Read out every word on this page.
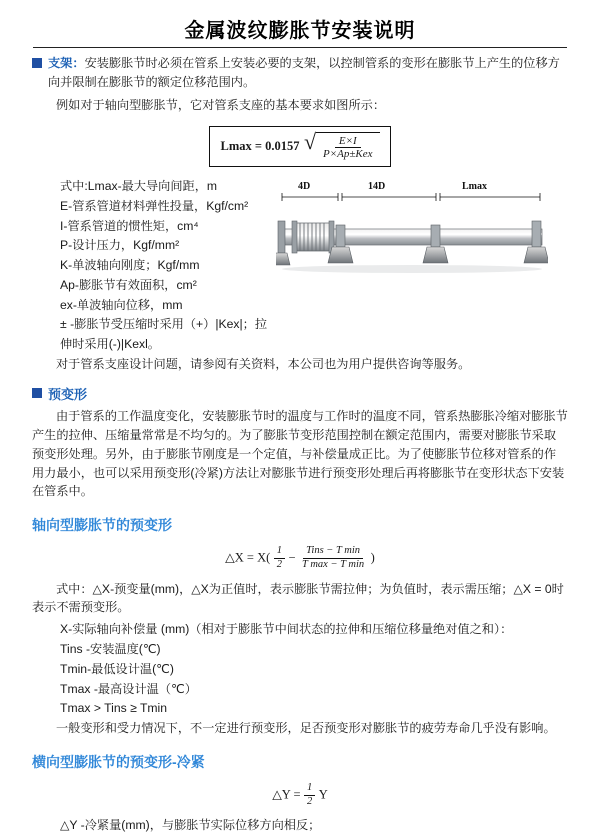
金属波纹膨胀节安装说明
支架：安装膨胀节时必须在管系上安装必要的支架，以控制管系的变形在膨胀节上产生的位移方向并限制在膨胀节的额定位移范围内。

例如对于轴向型膨胀节，它对管系支座的基本要求如图所示：

Lmax = 0.0157 √ $\frac{E\times I}{\text{P×Ap±Kex}}$
式中:Lmax-最大导向间距，m
E-管系管道材料弹性投量，Kgf/cm²
I-管系管道的惯性矩，cm⁴
P-设计压力，Kgf/mm²
K-单波轴向刚度；Kgf/mm
Ap-膨胀节有效面积，cm²
ex-单波轴向位移，mm
± -膨胀节受压缩时采用（+）|Kex|；拉伸时采用(-)|Kexl。
4D	14D	Lmax

对于管系支座设计问题，请参阅有关资料，本公司也为用户提供咨询等服务。

预变形

由于管系的工作温度变化，安装膨胀节时的温度与工作时的温度不同，管系热膨胀冷缩对膨胀节产生的拉伸、压缩量常常是不均匀的。为了膨胀节变形范围控制在额定范围内，需要对膨胀节采取预变形处理。另外，由于膨胀节刚度是一个定值，与补偿量成正比。为了使膨胀节位移对管系的作用力最小，也可以采用预变形(冷紧)方法让对膨胀节进行预变形处理后再将膨胀节在变形状态下安装在管系中。

轴向型膨胀节的预变形
△X = $X( \frac{1}{2} - \frac{\text{Tins − T min}}{\text{T max − T min}}$ )

式中：△X-预变量(mm)，△X为正值时，表示膨胀节需拉伸；为负值时，表示需压缩；△X = 0时表示不需预变形。

X-实际轴向补偿量 (mm)（相对于膨胀节中间状态的拉伸和压缩位移量绝对值之和）：
Tins -安装温度(℃)
Tmin-最低设计温(℃)
Tmax -最高设计温（℃）
Tmax > Tins ≥ Tmin

一般变形和受力情况下，不一定进行预变形，足否预变形对膨胀节的疲劳寿命几乎没有影响。

横向型膨胀节的预变形-冷紧
△Y = $\frac{1}{2}$ Y

△Y -冷紧量(mm)，与膨胀节实际位移方向相反；
